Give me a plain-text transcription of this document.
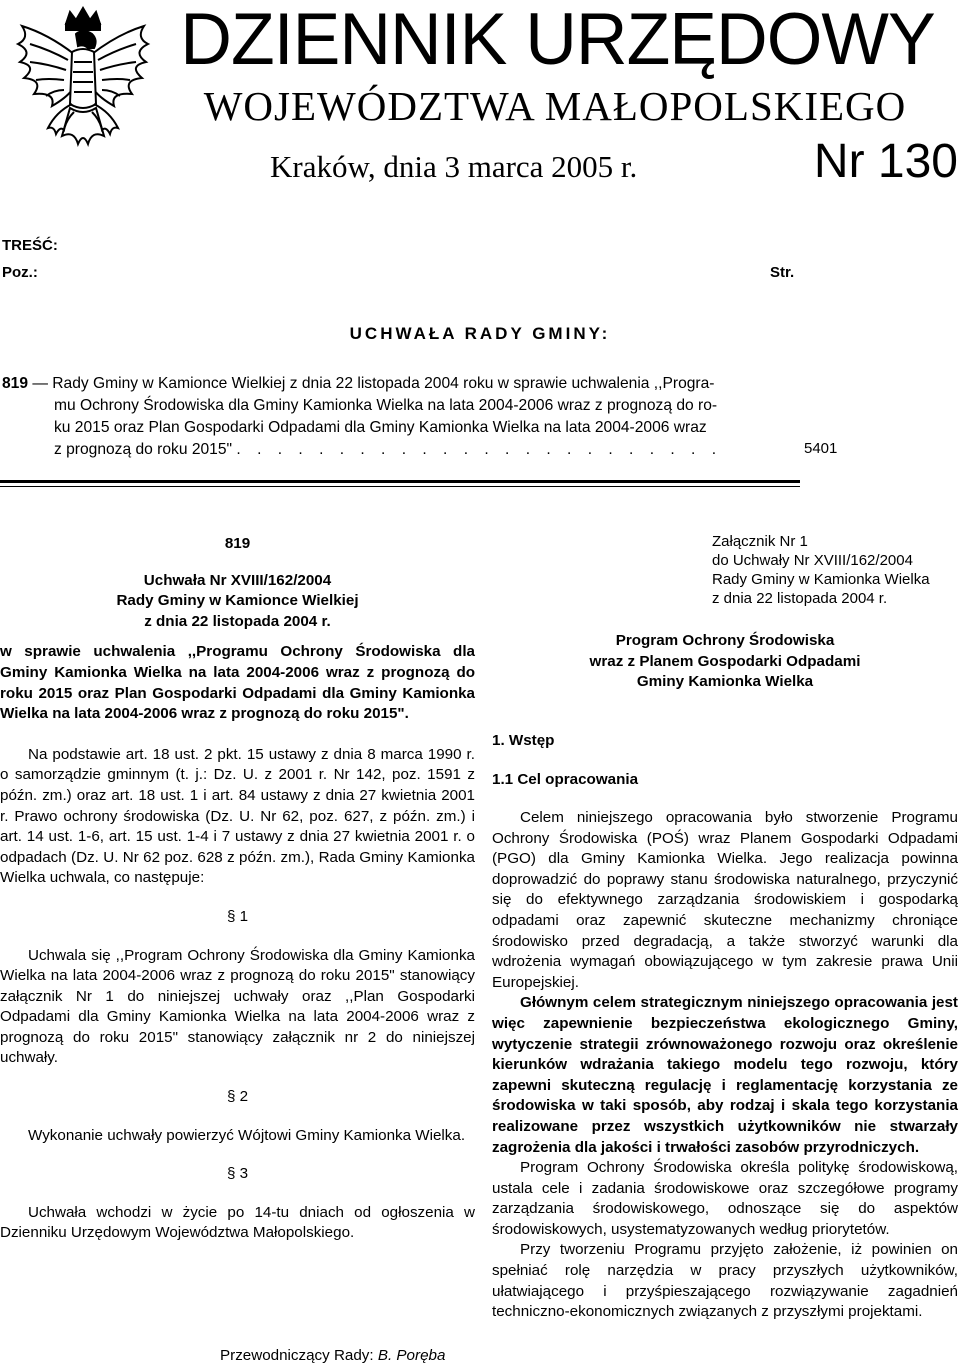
DZIENNIK URZĘDOWY
WOJEWÓDZTWA MAŁOPOLSKIEGO
Kraków, dnia 3 marca 2005 r.	Nr 130
TREŚĆ:
Poz.:	Str.
UCHWAŁA RADY GMINY:
819 — Rady Gminy w Kamionce Wielkiej z dnia 22 listopada 2004 roku w sprawie uchwalenia ,,Progra-
mu Ochrony Środowiska dla Gminy Kamionka Wielka na lata 2004-2006 wraz z prognozą do ro-
ku 2015 oraz Plan Gospodarki Odpadami dla Gminy Kamionka Wielka na lata 2004-2006 wraz
z prognozą do roku 2015" . . . . . . . . . . . . . . . . . . . . . . . .	5401
819
Uchwała Nr XVIII/162/2004
Rady Gminy w Kamionce Wielkiej
z dnia 22 listopada 2004 r.

w sprawie uchwalenia ,,Programu Ochrony Środowiska dla Gminy Kamionka Wielka na lata 2004-2006 wraz z prognozą do roku 2015 oraz Plan Gospodarki Odpadami dla Gminy Kamionka Wielka na lata 2004-2006 wraz z prognozą do roku 2015".

Na podstawie art. 18 ust. 2 pkt. 15 ustawy z dnia 8 marca 1990 r. o samorządzie gminnym (t. j.: Dz. U. z 2001 r. Nr 142, poz. 1591 z późn. zm.) oraz art. 18 ust. 1 i art. 84 ustawy z dnia 27 kwietnia 2001 r. Prawo ochrony środowiska (Dz. U. Nr 62, poz. 627, z późn. zm.) i art. 14 ust. 1-6, art. 15 ust. 1-4 i 7 ustawy z dnia 27 kwietnia 2001 r. o odpadach (Dz. U. Nr 62 poz. 628 z późn. zm.), Rada Gminy Kamionka Wielka uchwala, co następuje:

§ 1

Uchwala się ,,Program Ochrony Środowiska dla Gminy Kamionka Wielka na lata 2004-2006 wraz z prognozą do roku 2015" stanowiący załącznik Nr 1 do niniejszej uchwały oraz ,,Plan Gospodarki Odpadami dla Gminy Kamionka Wielka na lata 2004-2006 wraz z prognozą do roku 2015" stanowiący załącznik nr 2 do niniejszej uchwały.

§ 2

Wykonanie uchwały powierzyć Wójtowi Gminy Kamionka Wielka.

§ 3

Uchwała wchodzi w życie po 14-tu dniach od ogłoszenia w Dzienniku Urzędowym Województwa Małopolskiego.

Przewodniczący Rady: B. Poręba
Załącznik Nr 1
do Uchwały Nr XVIII/162/2004
Rady Gminy w Kamionka Wielka
z dnia 22 listopada 2004 r.
Program Ochrony Środowiska
wraz z Planem Gospodarki Odpadami
Gminy Kamionka Wielka
1. Wstęp
1.1 Cel opracowania

Celem niniejszego opracowania było stworzenie Programu Ochrony Środowiska (POŚ) wraz Planem Gospodarki Odpadami (PGO) dla Gminy Kamionka Wielka. Jego realizacja powinna doprowadzić do poprawy stanu środowiska naturalnego, przyczynić się do efektywnego zarządzania środowiskiem i gospodarką odpadami oraz zapewnić skuteczne mechanizmy chroniące środowisko przed degradacją, a także stworzyć warunki dla wdrożenia wymagań obowiązującego w tym zakresie prawa Unii Europejskiej.

Głównym celem strategicznym niniejszego opracowania jest więc zapewnienie bezpieczeństwa ekologicznego Gminy, wytyczenie strategii zrównoważonego rozwoju oraz określenie kierunków wdrażania takiego modelu tego rozwoju, który zapewni skuteczną regulację i reglamentację korzystania ze środowiska w taki sposób, aby rodzaj i skala tego korzystania realizowane przez wszystkich użytkowników nie stwarzały zagrożenia dla jakości i trwałości zasobów przyrodniczych.

Program Ochrony Środowiska określa politykę środowiskową, ustala cele i zadania środowiskowe oraz szczegółowe programy zarządzania środowiskowego, odnoszące się do aspektów środowiskowych, usystematyzowanych według priorytetów.

Przy tworzeniu Programu przyjęto założenie, iż powinien on spełniać rolę narzędzia w pracy przyszłych użytkowników, ułatwiającego i przyśpieszającego rozwiązywanie zagadnień techniczno-ekonomicznych związanych z przyszłymi projektami.
